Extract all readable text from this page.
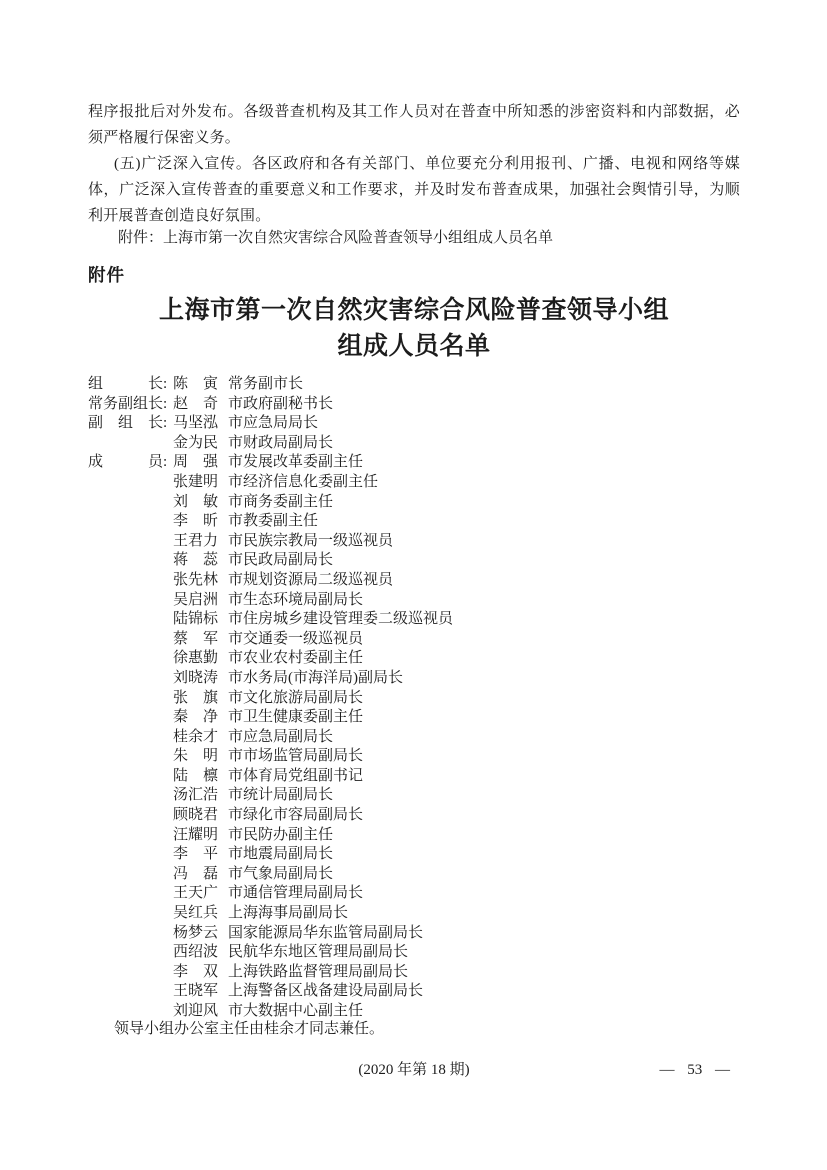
程序报批后对外发布。各级普查机构及其工作人员对在普查中所知悉的涉密资料和内部数据，必须严格履行保密义务。

(五)广泛深入宣传。各区政府和各有关部门、单位要充分利用报刊、广播、电视和网络等媒体，广泛深入宣传普查的重要意义和工作要求，并及时发布普查成果，加强社会舆情引导，为顺利开展普查创造良好氛围。

附件：上海市第一次自然灾害综合风险普查领导小组组成人员名单
附件
上海市第一次自然灾害综合风险普查领导小组
组成人员名单
组　　　长: 陈　寅 常务副市长
常务副组长: 赵　奇 市政府副秘书长
副　组　长: 马坚泓 市应急局局长
金为民 市财政局副局长
成　　　员: 周　强 市发展改革委副主任
张建明 市经济信息化委副主任
刘　敏 市商务委副主任
李　昕 市教委副主任
王君力 市民族宗教局一级巡视员
蒋　蕊 市民政局副局长
张先林 市规划资源局二级巡视员
吴启洲 市生态环境局副局长
陆锦标 市住房城乡建设管理委二级巡视员
蔡　军 市交通委一级巡视员
徐惠勤 市农业农村委副主任
刘晓涛 市水务局(市海洋局)副局长
张　旗 市文化旅游局副局长
秦　净 市卫生健康委副主任
桂余才 市应急局副局长
朱　明 市市场监管局副局长
陆　檩 市体育局党组副书记
汤汇浩 市统计局副局长
顾晓君 市绿化市容局副局长
汪耀明 市民防办副主任
李　平 市地震局副局长
冯　磊 市气象局副局长
王天广 市通信管理局副局长
吴红兵 上海海事局副局长
杨梦云 国家能源局华东监管局副局长
西绍波 民航华东地区管理局副局长
李　双 上海铁路监督管理局副局长
王晓军 上海警备区战备建设局副局长
刘迎风 市大数据中心副主任
领导小组办公室主任由桂余才同志兼任。
(2020 年第 18 期)	— 53 —
